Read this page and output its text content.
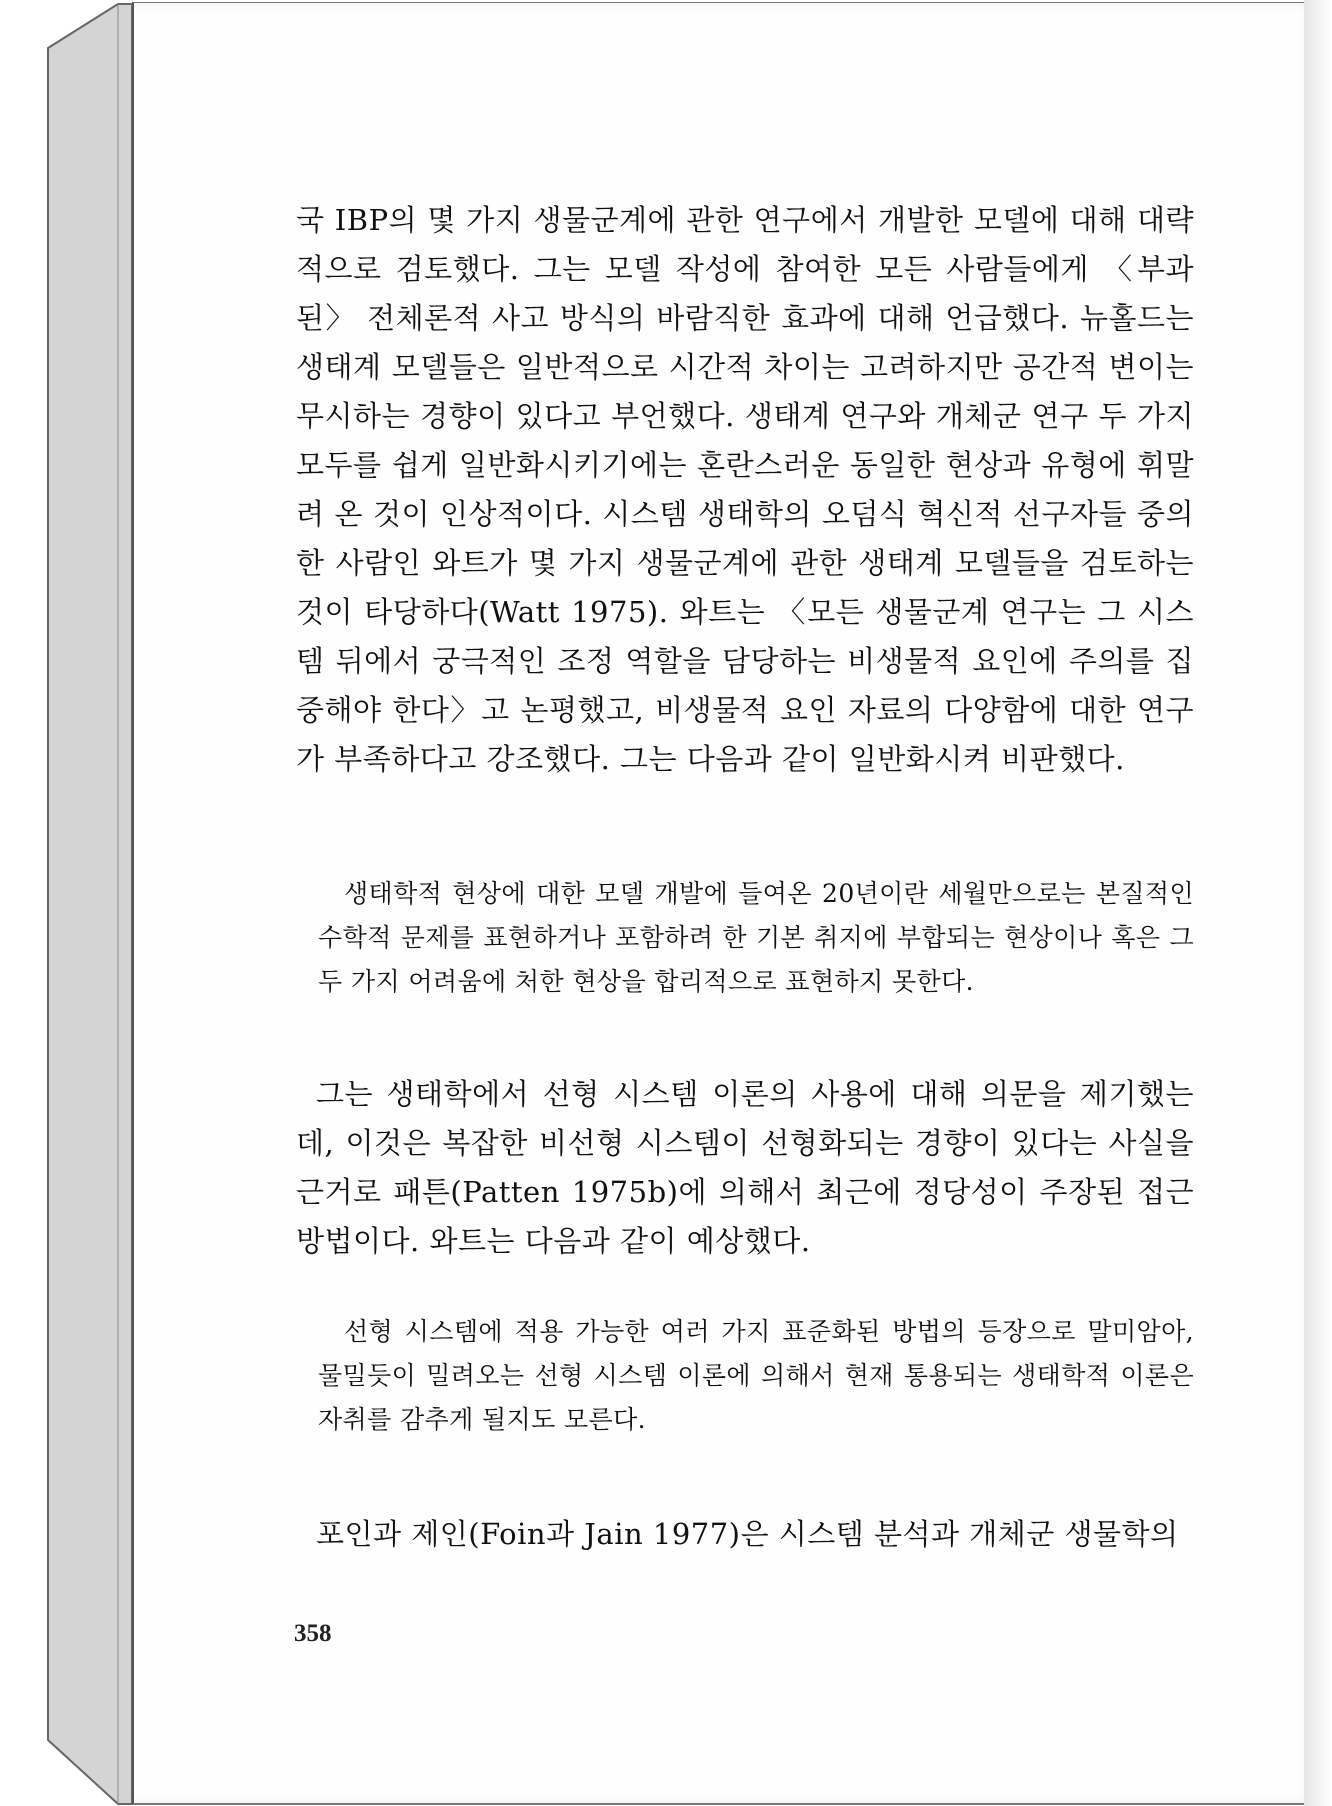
국 IBP의 몇 가지 생물군계에 관한 연구에서 개발한 모델에 대해 대략적으로 검토했다. 그는 모델 작성에 참여한 모든 사람들에게 〈부과된〉 전체론적 사고 방식의 바람직한 효과에 대해 언급했다. 뉴홀드는 생태계 모델들은 일반적으로 시간적 차이는 고려하지만 공간적 변이는 무시하는 경향이 있다고 부언했다. 생태계 연구와 개체군 연구 두 가지 모두를 쉽게 일반화시키기에는 혼란스러운 동일한 현상과 유형에 휘말려 온 것이 인상적이다. 시스템 생태학의 오덤식 혁신적 선구자들 중의 한 사람인 와트가 몇 가지 생물군계에 관한 생태계 모델들을 검토하는 것이 타당하다(Watt 1975). 와트는 〈모든 생물군계 연구는 그 시스템 뒤에서 궁극적인 조정 역할을 담당하는 비생물적 요인에 주의를 집중해야 한다〉고 논평했고, 비생물적 요인 자료의 다양함에 대한 연구가 부족하다고 강조했다. 그는 다음과 같이 일반화시켜 비판했다.

생태학적 현상에 대한 모델 개발에 들여온 20년이란 세월만으로는 본질적인 수학적 문제를 표현하거나 포함하려 한 기본 취지에 부합되는 현상이나 혹은 그 두 가지 어려움에 처한 현상을 합리적으로 표현하지 못한다.

그는 생태학에서 선형 시스템 이론의 사용에 대해 의문을 제기했는데, 이것은 복잡한 비선형 시스템이 선형화되는 경향이 있다는 사실을 근거로 패튼(Patten 1975b)에 의해서 최근에 정당성이 주장된 접근 방법이다. 와트는 다음과 같이 예상했다.

선형 시스템에 적용 가능한 여러 가지 표준화된 방법의 등장으로 말미암아, 물밀듯이 밀려오는 선형 시스템 이론에 의해서 현재 통용되는 생태학적 이론은 자취를 감추게 될지도 모른다.

포인과 제인(Foin과 Jain 1977)은 시스템 분석과 개체군 생물학의

358
